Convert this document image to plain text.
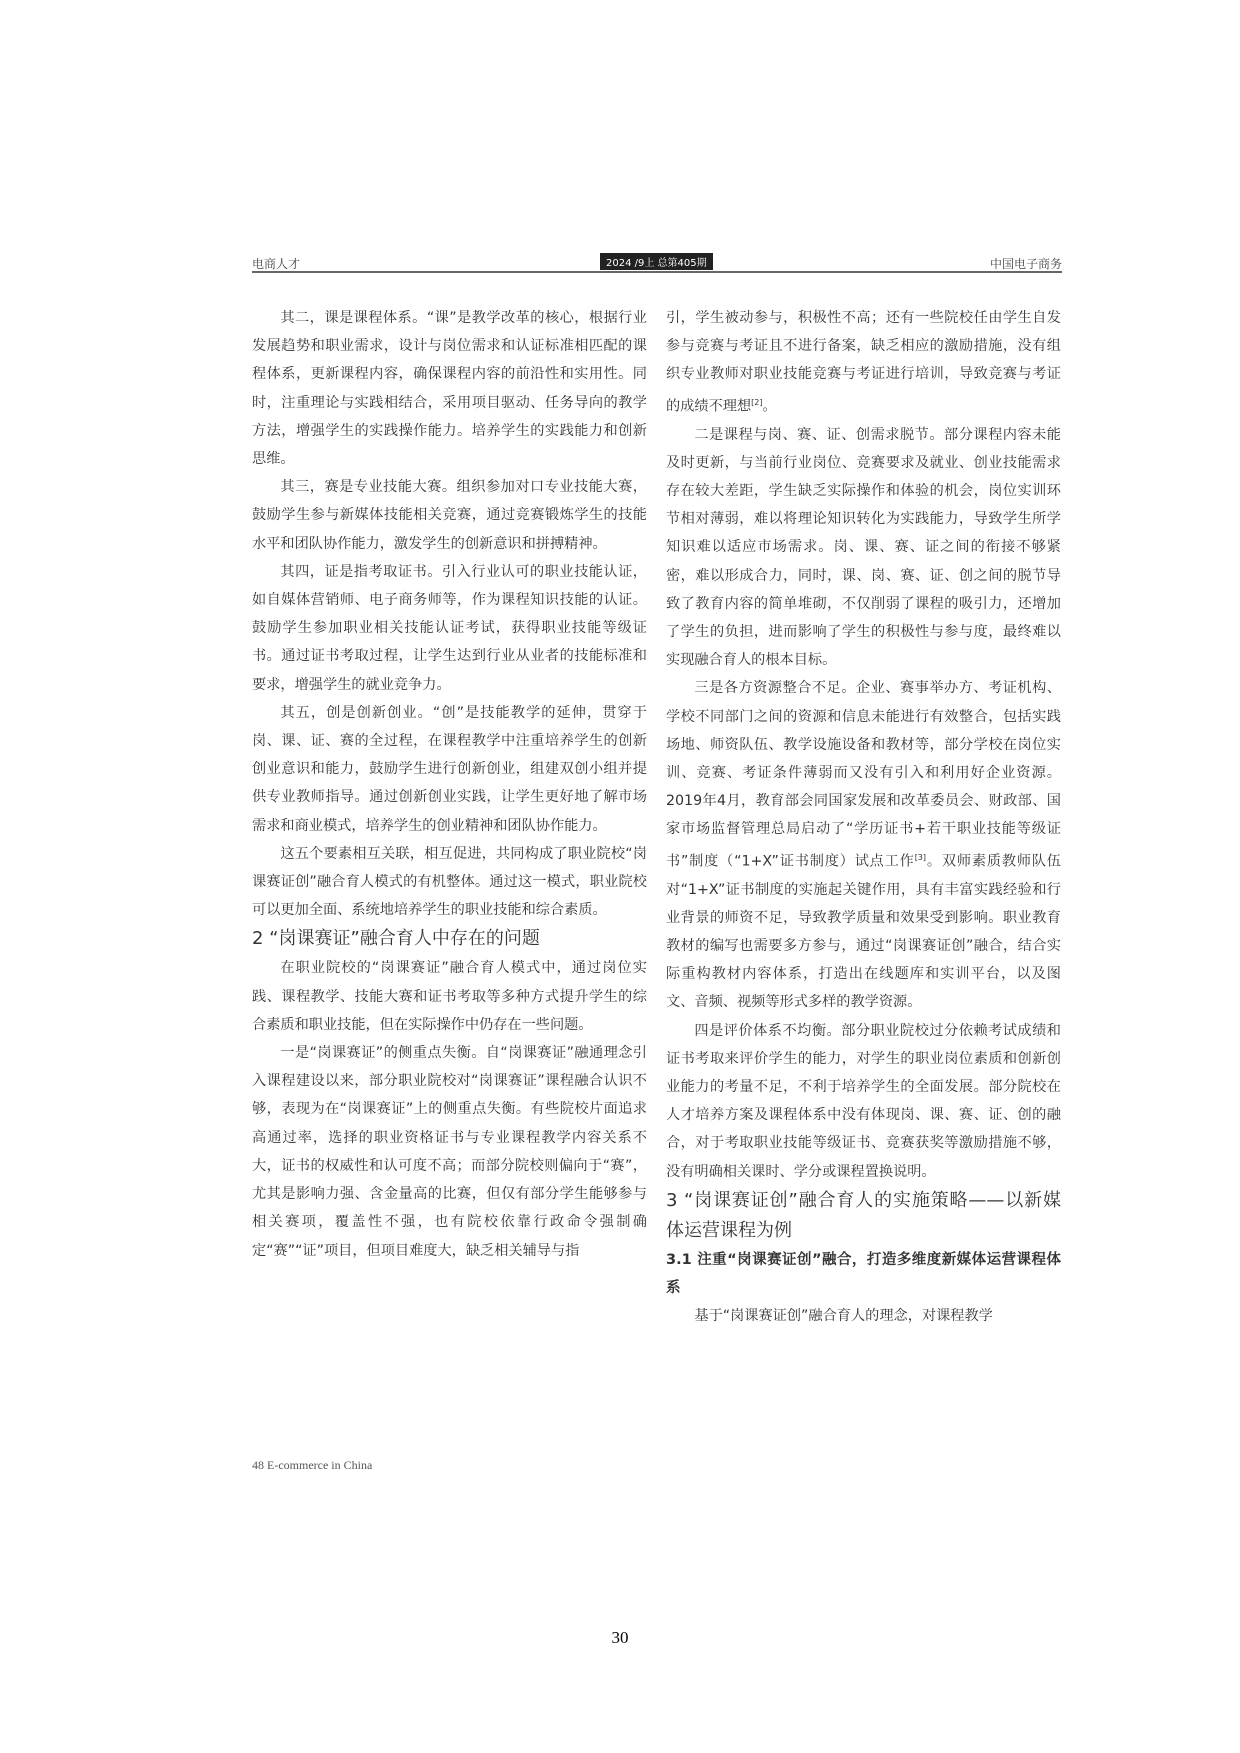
电商人才	2024 /9上 总第405期	中国电子商务

其二，课是课程体系。“课”是教学改革的核心，根据行业发展趋势和职业需求，设计与岗位需求和认证标准相匹配的课程体系，更新课程内容，确保课程内容的前沿性和实用性。同时，注重理论与实践相结合，采用项目驱动、任务导向的教学方法，增强学生的实践操作能力。培养学生的实践能力和创新思维。

其三，赛是专业技能大赛。组织参加对口专业技能大赛，鼓励学生参与新媒体技能相关竞赛，通过竞赛锻炼学生的技能水平和团队协作能力，激发学生的创新意识和拼搏精神。

其四，证是指考取证书。引入行业认可的职业技能认证，如自媒体营销师、电子商务师等，作为课程知识技能的认证。鼓励学生参加职业相关技能认证考试，获得职业技能等级证书。通过证书考取过程，让学生达到行业从业者的技能标准和要求，增强学生的就业竞争力。

其五，创是创新创业。“创”是技能教学的延伸，贯穿于岗、课、证、赛的全过程，在课程教学中注重培养学生的创新创业意识和能力，鼓励学生进行创新创业，组建双创小组并提供专业教师指导。通过创新创业实践，让学生更好地了解市场需求和商业模式，培养学生的创业精神和团队协作能力。

这五个要素相互关联，相互促进，共同构成了职业院校“岗课赛证创”融合育人模式的有机整体。通过这一模式，职业院校可以更加全面、系统地培养学生的职业技能和综合素质。

2 “岗课赛证”融合育人中存在的问题

在职业院校的“岗课赛证”融合育人模式中，通过岗位实践、课程教学、技能大赛和证书考取等多种方式提升学生的综合素质和职业技能，但在实际操作中仍存在一些问题。

一是“岗课赛证”的侧重点失衡。自“岗课赛证”融通理念引入课程建设以来，部分职业院校对“岗课赛证”课程融合认识不够，表现为在“岗课赛证”上的侧重点失衡。有些院校片面追求高通过率，选择的职业资格证书与专业课程教学内容关系不大，证书的权威性和认可度不高；而部分院校则偏向于“赛”，尤其是影响力强、含金量高的比赛，但仅有部分学生能够参与相关赛项，覆盖性不强，也有院校依靠行政命令强制确定“赛”“证”项目，但项目难度大，缺乏相关辅导与指

引，学生被动参与，积极性不高；还有一些院校任由学生自发参与竞赛与考证且不进行备案，缺乏相应的激励措施，没有组织专业教师对职业技能竞赛与考证进行培训，导致竞赛与考证的成绩不理想[2]。

二是课程与岗、赛、证、创需求脱节。部分课程内容未能及时更新，与当前行业岗位、竞赛要求及就业、创业技能需求存在较大差距，学生缺乏实际操作和体验的机会，岗位实训环节相对薄弱，难以将理论知识转化为实践能力，导致学生所学知识难以适应市场需求。岗、课、赛、证之间的衔接不够紧密，难以形成合力，同时，课、岗、赛、证、创之间的脱节导致了教育内容的简单堆砌，不仅削弱了课程的吸引力，还增加了学生的负担，进而影响了学生的积极性与参与度，最终难以实现融合育人的根本目标。

三是各方资源整合不足。企业、赛事举办方、考证机构、学校不同部门之间的资源和信息未能进行有效整合，包括实践场地、师资队伍、教学设施设备和教材等，部分学校在岗位实训、竞赛、考证条件薄弱而又没有引入和利用好企业资源。2019年4月，教育部会同国家发展和改革委员会、财政部、国家市场监督管理总局启动了“学历证书+若干职业技能等级证书”制度（“1+X”证书制度）试点工作[3]。双师素质教师队伍对“1+X”证书制度的实施起关键作用，具有丰富实践经验和行业背景的师资不足，导致教学质量和效果受到影响。职业教育教材的编写也需要多方参与，通过“岗课赛证创”融合，结合实际重构教材内容体系，打造出在线题库和实训平台，以及图文、音频、视频等形式多样的教学资源。

四是评价体系不均衡。部分职业院校过分依赖考试成绩和证书考取来评价学生的能力，对学生的职业岗位素质和创新创业能力的考量不足，不利于培养学生的全面发展。部分院校在人才培养方案及课程体系中没有体现岗、课、赛、证、创的融合，对于考取职业技能等级证书、竞赛获奖等激励措施不够，没有明确相关课时、学分或课程置换说明。

3 “岗课赛证创”融合育人的实施策略——以新媒体运营课程为例
3.1 注重“岗课赛证创”融合，打造多维度新媒体运营课程体系

基于“岗课赛证创”融合育人的理念，对课程教学

48 E-commerce in China
30
